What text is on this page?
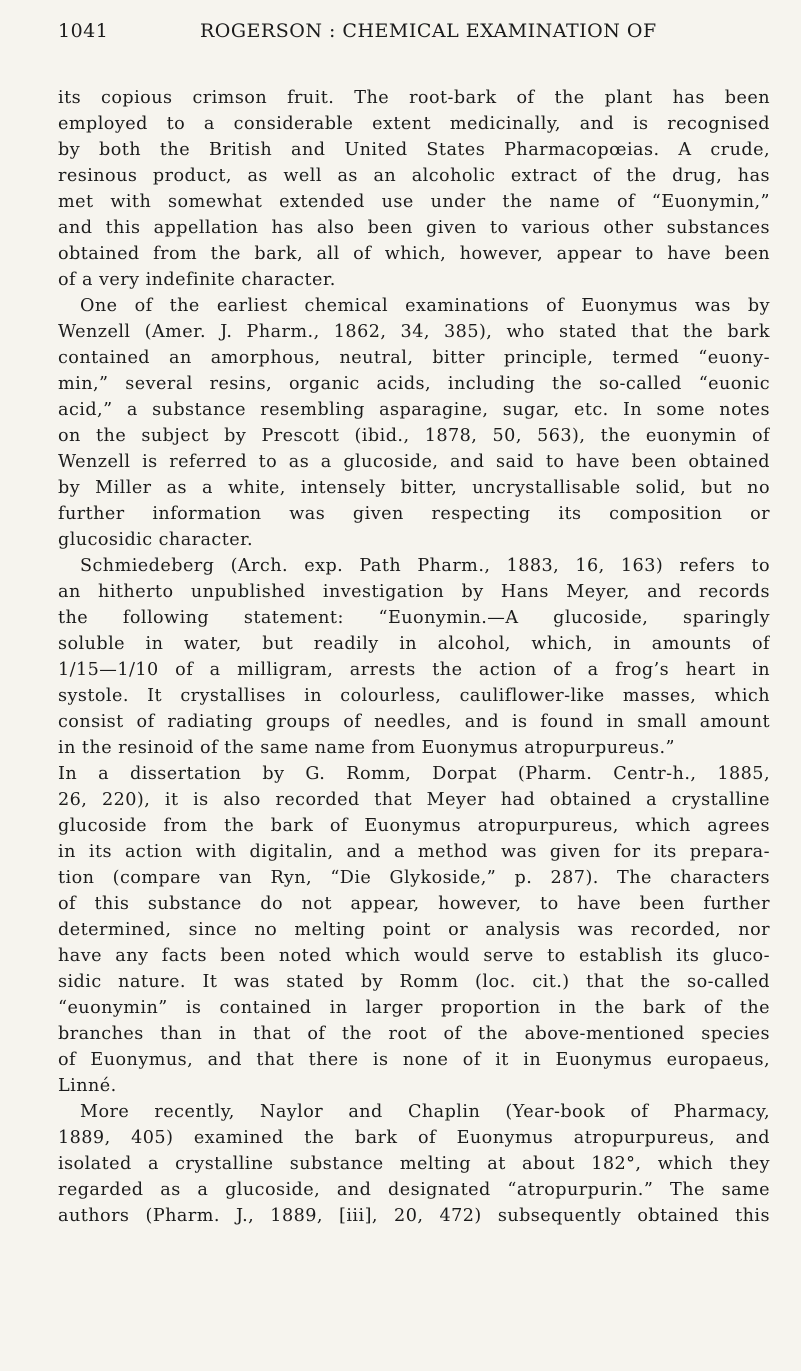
1041	ROGERSON : CHEMICAL EXAMINATION OF
its copious crimson fruit. The root-bark of the plant has been
employed to a considerable extent medicinally, and is recognised
by both the British and United States Pharmacopœias. A crude,
resinous product, as well as an alcoholic extract of the drug, has
met with somewhat extended use under the name of “Euonymin,”
and this appellation has also been given to various other substances
obtained from the bark, all of which, however, appear to have been
of a very indefinite character.
One of the earliest chemical examinations of Euonymus was by
Wenzell (Amer. J. Pharm., 1862, 34, 385), who stated that the bark
contained an amorphous, neutral, bitter principle, termed “euony-
min,” several resins, organic acids, including the so-called “euonic
acid,” a substance resembling asparagine, sugar, etc. In some notes
on the subject by Prescott (ibid., 1878, 50, 563), the euonymin of
Wenzell is referred to as a glucoside, and said to have been obtained
by Miller as a white, intensely bitter, uncrystallisable solid, but no
further information was given respecting its composition or
glucosidic character.
Schmiedeberg (Arch. exp. Path Pharm., 1883, 16, 163) refers to
an hitherto unpublished investigation by Hans Meyer, and records
the following statement: “Euonymin.—A glucoside, sparingly
soluble in water, but readily in alcohol, which, in amounts of
1/15—1/10 of a milligram, arrests the action of a frog’s heart in
systole. It crystallises in colourless, cauliflower-like masses, which
consist of radiating groups of needles, and is found in small amount
in the resinoid of the same name from Euonymus atropurpureus.”
In a dissertation by G. Romm, Dorpat (Pharm. Centr-h., 1885,
26, 220), it is also recorded that Meyer had obtained a crystalline
glucoside from the bark of Euonymus atropurpureus, which agrees
in its action with digitalin, and a method was given for its prepara-
tion (compare van Ryn, “Die Glykoside,” p. 287). The characters
of this substance do not appear, however, to have been further
determined, since no melting point or analysis was recorded, nor
have any facts been noted which would serve to establish its gluco-
sidic nature. It was stated by Romm (loc. cit.) that the so-called
“euonymin” is contained in larger proportion in the bark of the
branches than in that of the root of the above-mentioned species
of Euonymus, and that there is none of it in Euonymus europaeus,
Linné.
More recently, Naylor and Chaplin (Year-book of Pharmacy,
1889, 405) examined the bark of Euonymus atropurpureus, and
isolated a crystalline substance melting at about 182°, which they
regarded as a glucoside, and designated “atropurpurin.” The same
authors (Pharm. J., 1889, [iii], 20, 472) subsequently obtained this
